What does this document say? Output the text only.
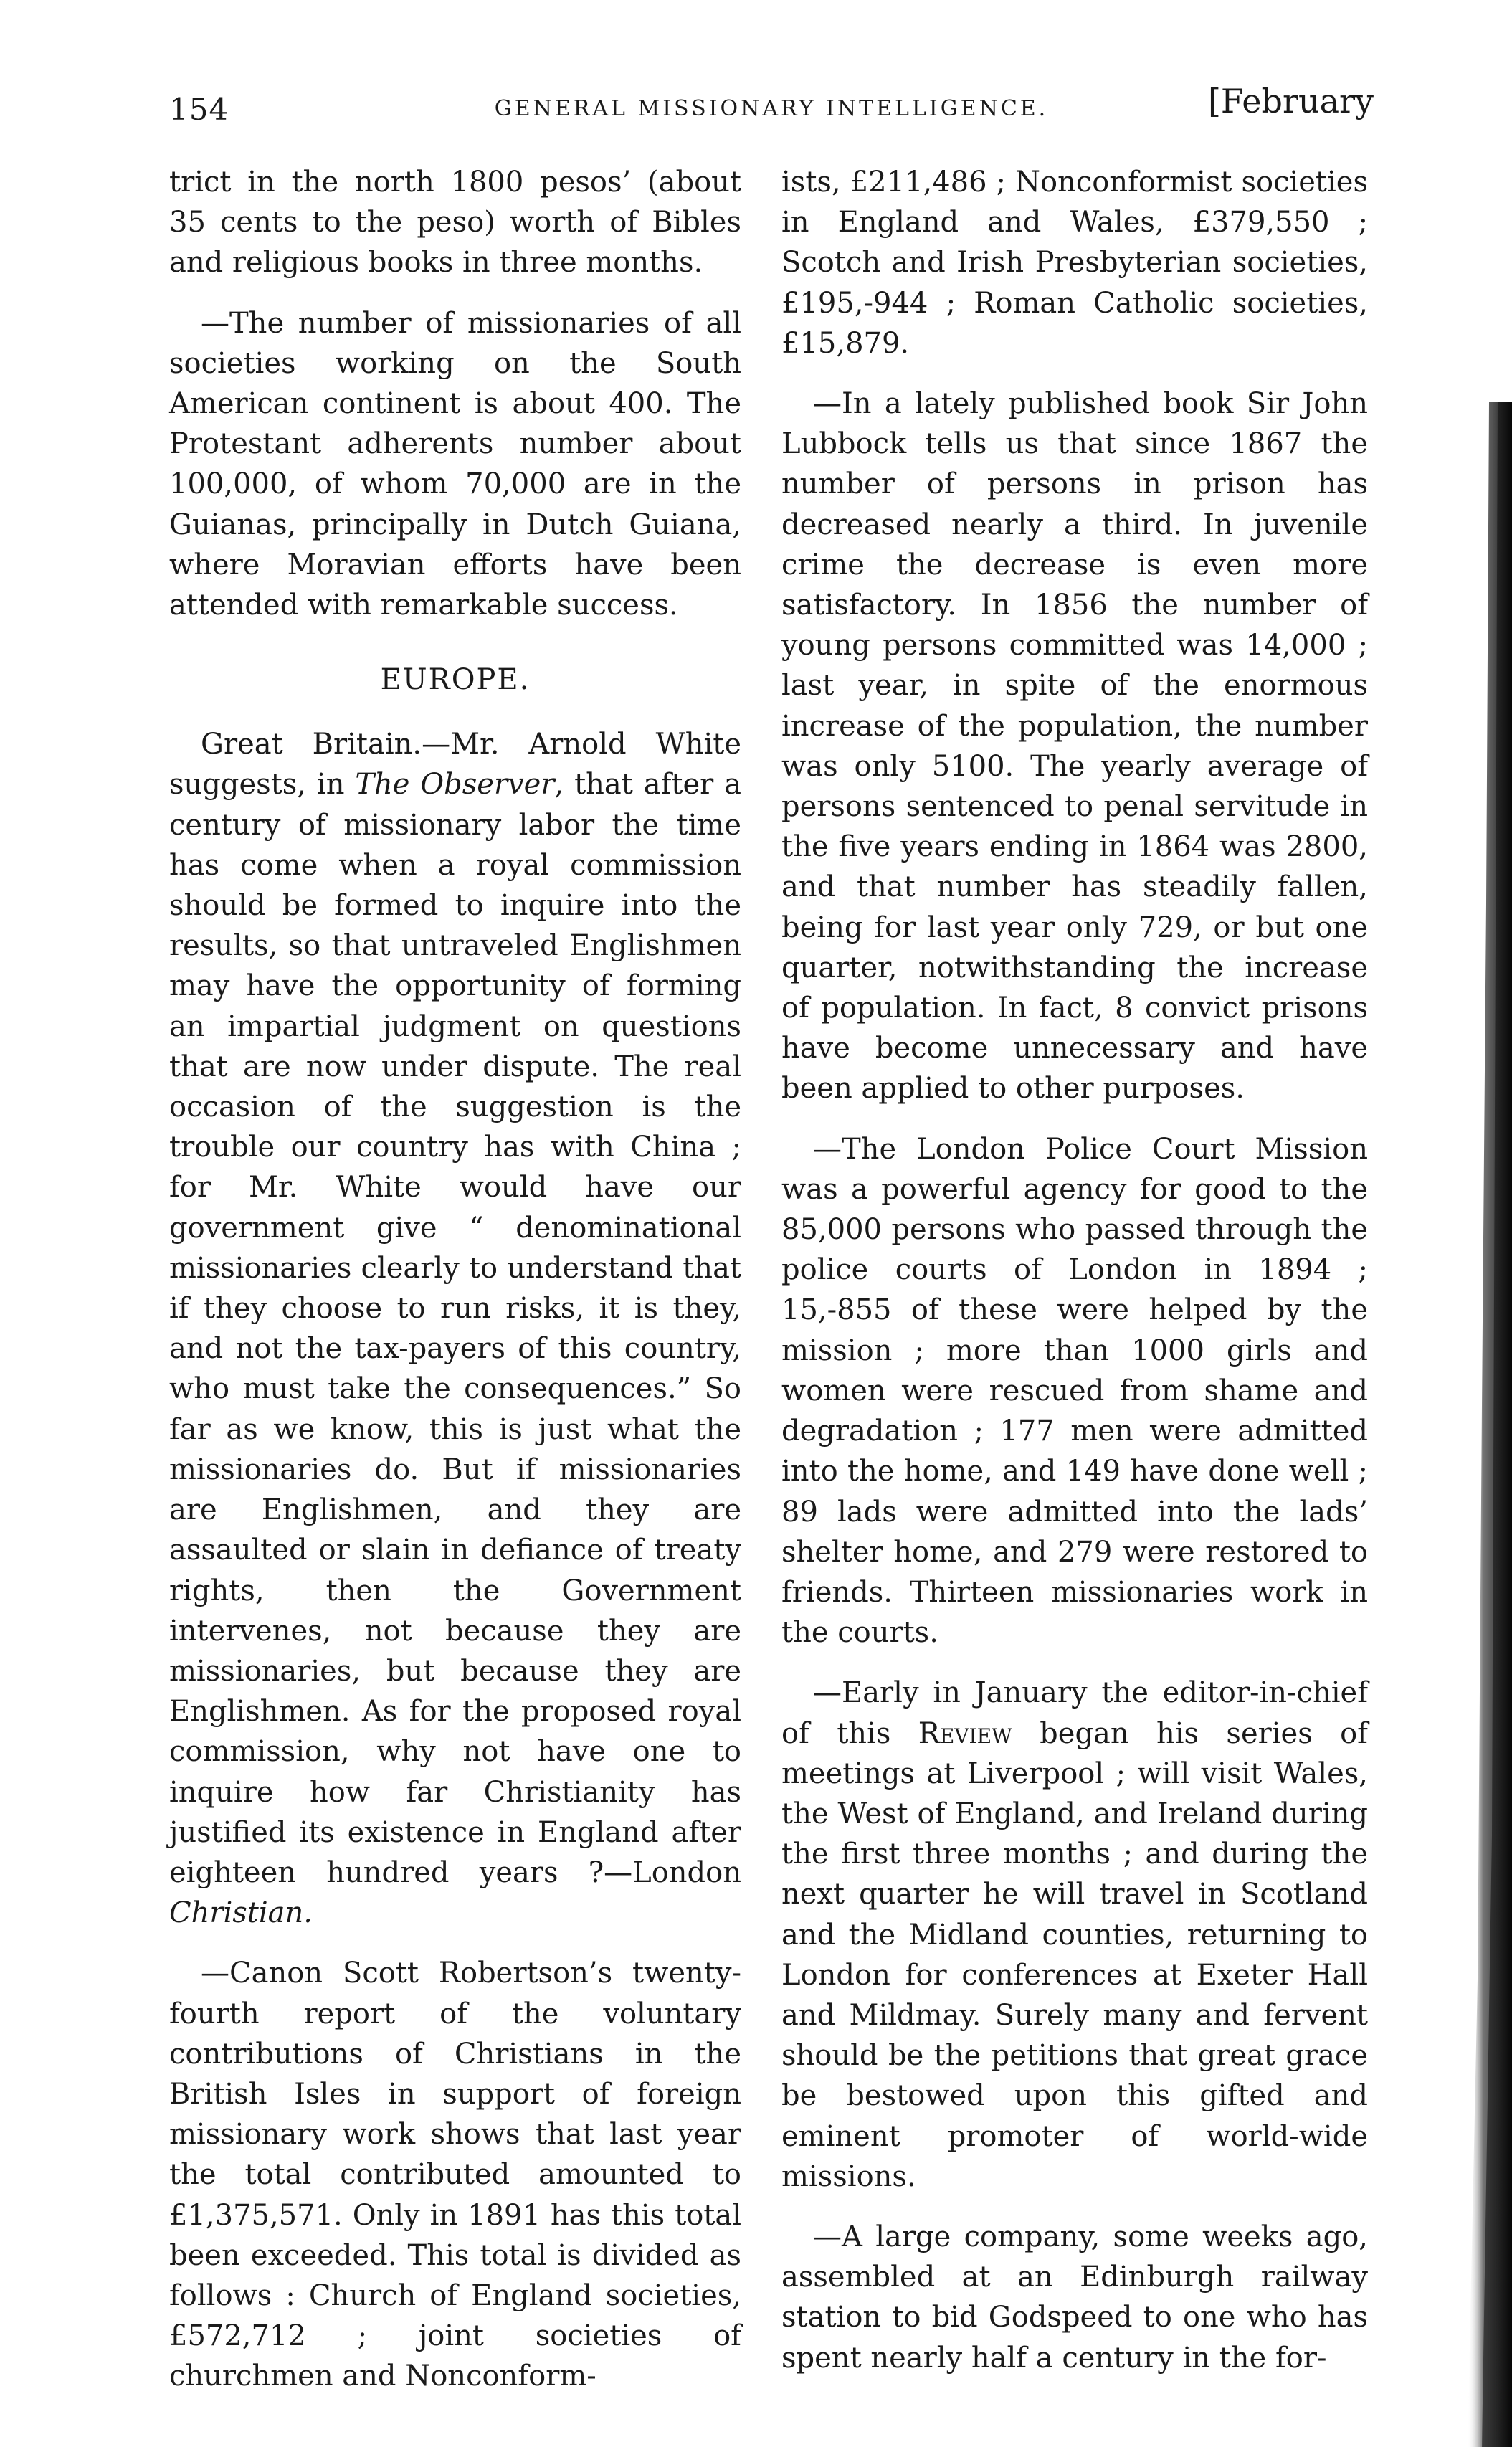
154	GENERAL MISSIONARY INTELLIGENCE.	[February

trict in the north 1800 pesos’ (about 35 cents to the peso) worth of Bibles and religious books in three months.

—The number of missionaries of all societies working on the South American continent is about 400. The Protestant adherents number about 100,000, of whom 70,000 are in the Guianas, principally in Dutch Guiana, where Moravian efforts have been attended with remarkable success.

EUROPE.

Great Britain.—Mr. Arnold White suggests, in The Observer, that after a century of missionary labor the time has come when a royal commission should be formed to inquire into the results, so that untraveled Englishmen may have the opportunity of forming an impartial judgment on questions that are now under dispute. The real occasion of the suggestion is the trouble our country has with China ; for Mr. White would have our government give “ denominational missionaries clearly to understand that if they choose to run risks, it is they, and not the tax-payers of this country, who must take the consequences.” So far as we know, this is just what the missionaries do. But if missionaries are Englishmen, and they are assaulted or slain in defiance of treaty rights, then the Government intervenes, not because they are missionaries, but because they are Englishmen. As for the proposed royal commission, why not have one to inquire how far Christianity has justified its existence in England after eighteen hundred years ?—London Christian.

—Canon Scott Robertson’s twenty-fourth report of the voluntary contributions of Christians in the British Isles in support of foreign missionary work shows that last year the total contributed amounted to £1,375,571. Only in 1891 has this total been exceeded. This total is divided as follows : Church of England societies, £572,712 ; joint societies of churchmen and Nonconform-

ists, £211,486 ; Nonconformist societies in England and Wales, £379,550 ; Scotch and Irish Presbyterian societies, £195,-944 ; Roman Catholic societies, £15,879.

—In a lately published book Sir John Lubbock tells us that since 1867 the number of persons in prison has decreased nearly a third. In juvenile crime the decrease is even more satisfactory. In 1856 the number of young persons committed was 14,000 ; last year, in spite of the enormous increase of the population, the number was only 5100. The yearly average of persons sentenced to penal servitude in the five years ending in 1864 was 2800, and that number has steadily fallen, being for last year only 729, or but one quarter, notwithstanding the increase of population. In fact, 8 convict prisons have become unnecessary and have been applied to other purposes.

—The London Police Court Mission was a powerful agency for good to the 85,000 persons who passed through the police courts of London in 1894 ; 15,-855 of these were helped by the mission ; more than 1000 girls and women were rescued from shame and degradation ; 177 men were admitted into the home, and 149 have done well ; 89 lads were admitted into the lads’ shelter home, and 279 were restored to friends. Thirteen missionaries work in the courts.

—Early in January the editor-in-chief of this Review began his series of meetings at Liverpool ; will visit Wales, the West of England, and Ireland during the first three months ; and during the next quarter he will travel in Scotland and the Midland counties, returning to London for conferences at Exeter Hall and Mildmay. Surely many and fervent should be the petitions that great grace be bestowed upon this gifted and eminent promoter of world-wide missions.

—A large company, some weeks ago, assembled at an Edinburgh railway station to bid Godspeed to one who has spent nearly half a century in the for-
